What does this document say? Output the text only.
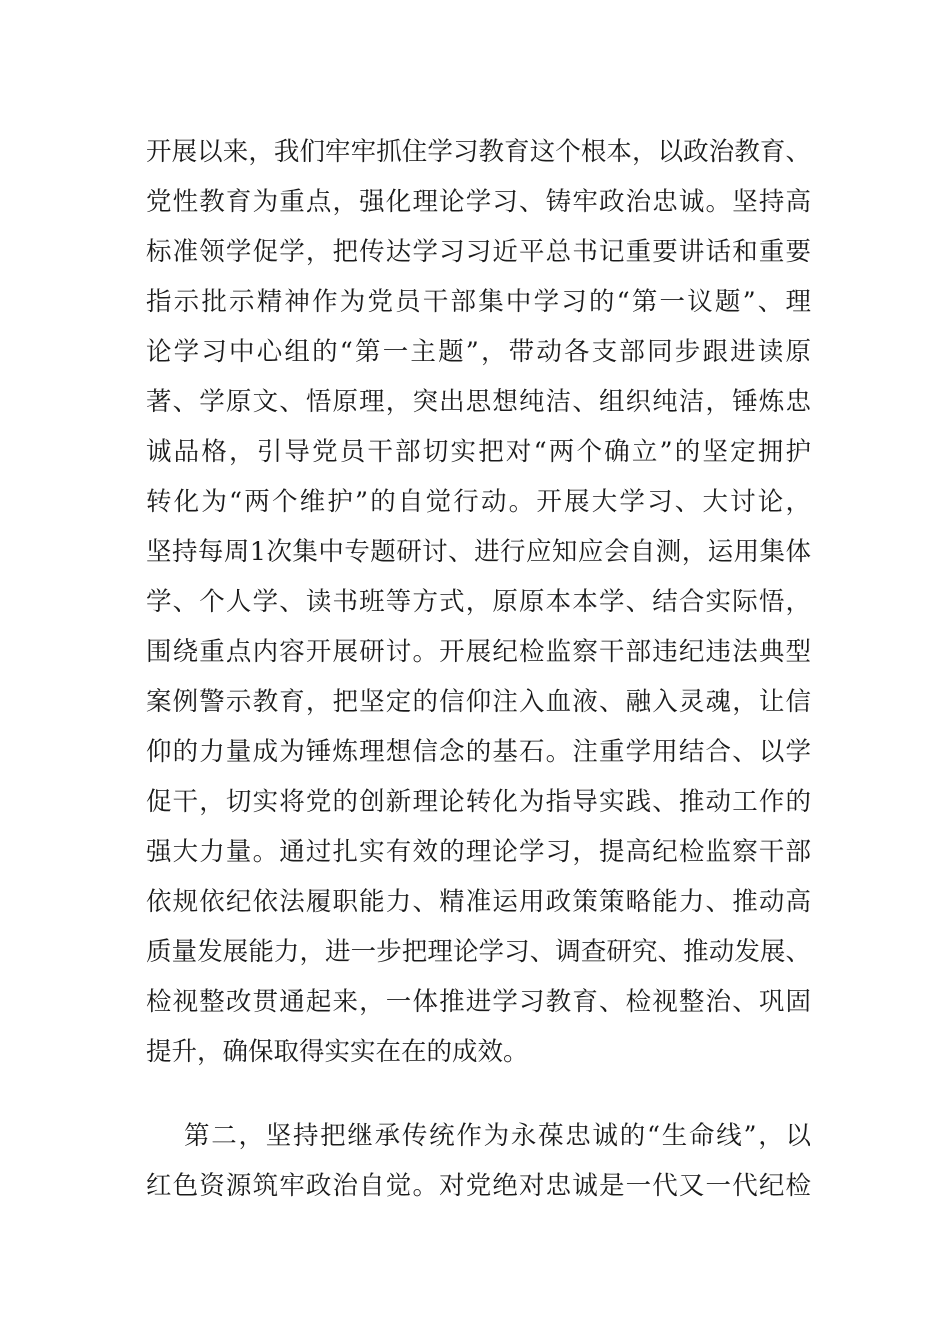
开展以来，我们牢牢抓住学习教育这个根本，以政治教育、
党性教育为重点，强化理论学习、铸牢政治忠诚。坚持高
标准领学促学，把传达学习习近平总书记重要讲话和重要
指示批示精神作为党员干部集中学习的“第一议题”、理
论学习中心组的“第一主题”，带动各支部同步跟进读原
著、学原文、悟原理，突出思想纯洁、组织纯洁，锤炼忠
诚品格，引导党员干部切实把对“两个确立”的坚定拥护
转化为“两个维护”的自觉行动。开展大学习、大讨论，
坚持每周1次集中专题研讨、进行应知应会自测，运用集体
学、个人学、读书班等方式，原原本本学、结合实际悟，
围绕重点内容开展研讨。开展纪检监察干部违纪违法典型
案例警示教育，把坚定的信仰注入血液、融入灵魂，让信
仰的力量成为锤炼理想信念的基石。注重学用结合、以学
促干，切实将党的创新理论转化为指导实践、推动工作的
强大力量。通过扎实有效的理论学习，提高纪检监察干部
依规依纪依法履职能力、精准运用政策策略能力、推动高
质量发展能力，进一步把理论学习、调查研究、推动发展、
检视整改贯通起来，一体推进学习教育、检视整治、巩固
提升，确保取得实实在在的成效。
第二，坚持把继承传统作为永葆忠诚的“生命线”，以
红色资源筑牢政治自觉。对党绝对忠诚是一代又一代纪检
